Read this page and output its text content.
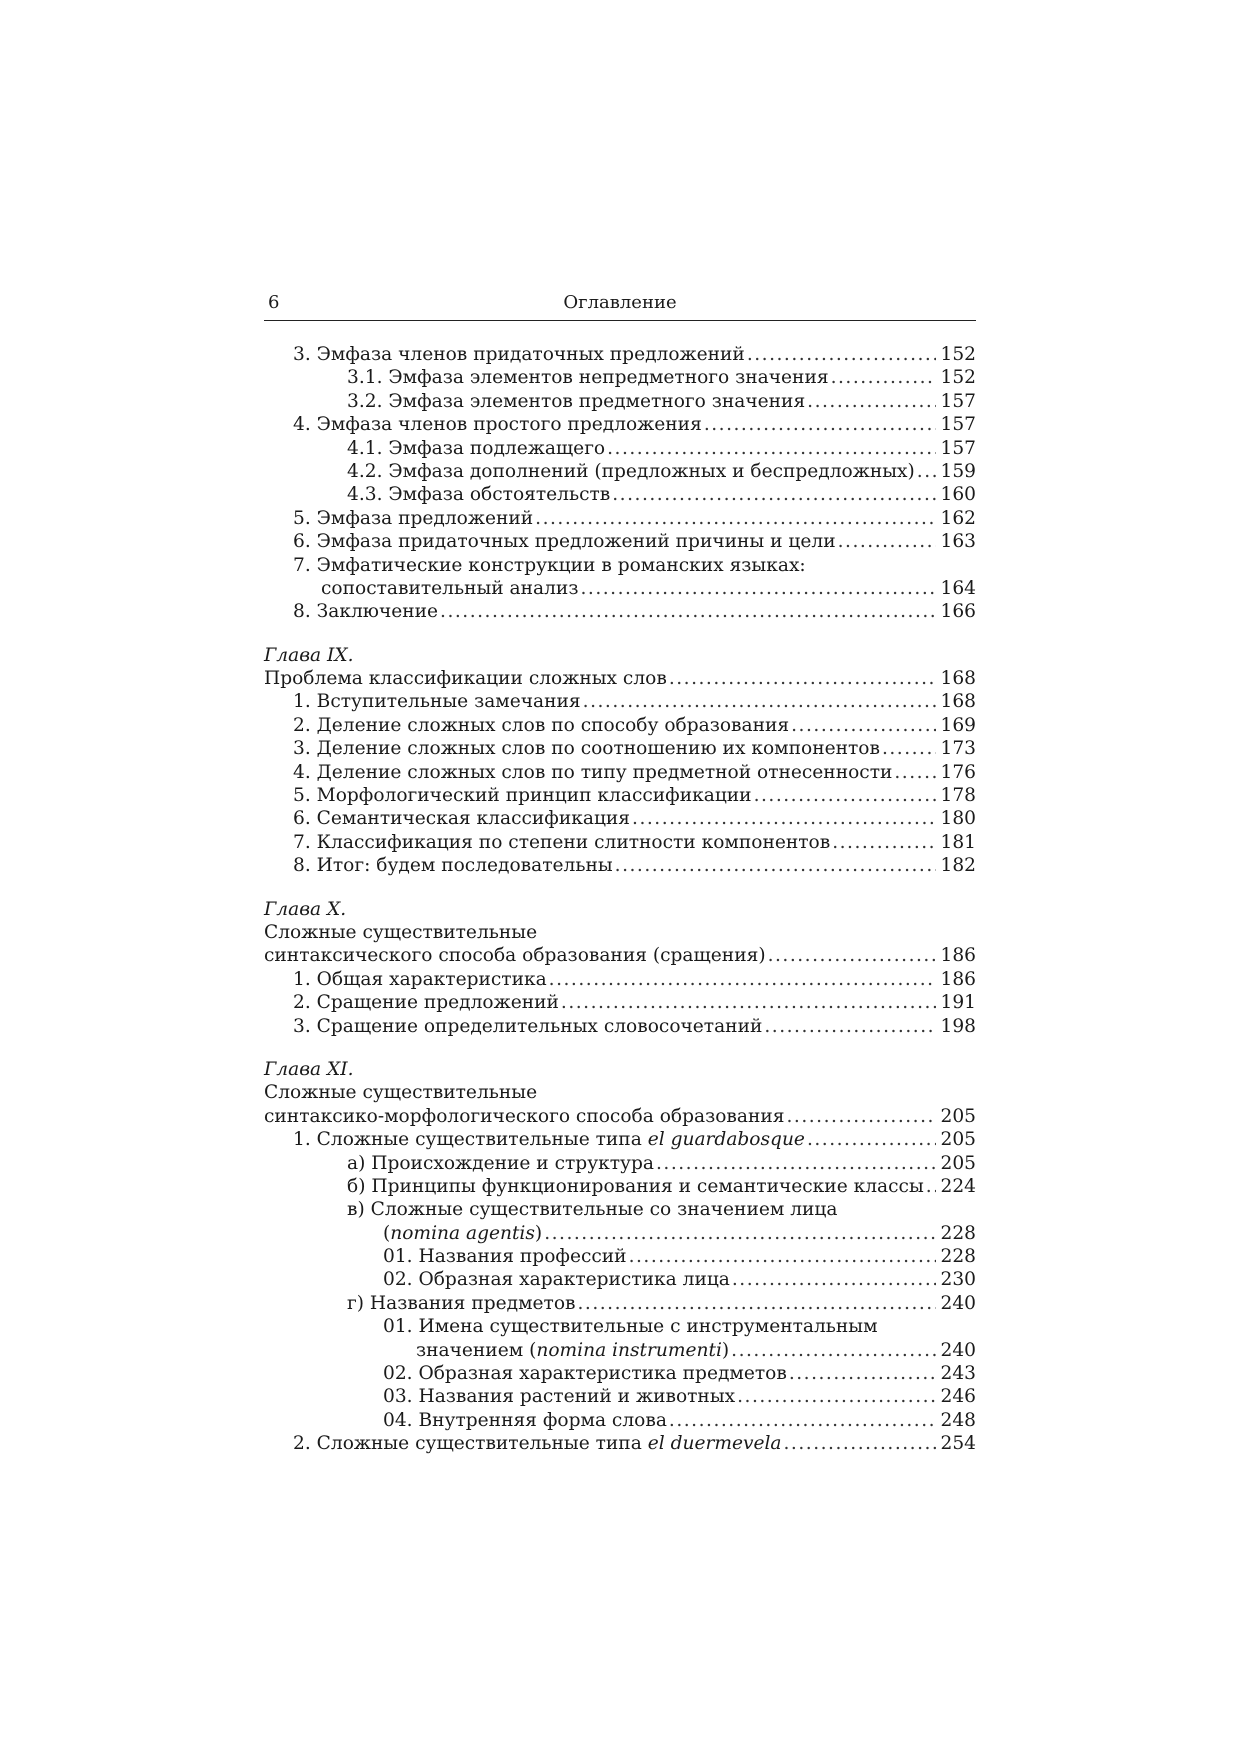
6	Оглавление
3. Эмфаза членов придаточных предложений . . .	152
3.1. Эмфаза элементов непредметного значения . . .	152
3.2. Эмфаза элементов предметного значения . . .	157
4. Эмфаза членов простого предложения . . .	157
4.1. Эмфаза подлежащего . . .	157
4.2. Эмфаза дополнений (предложных и беспредложных) . . . 159
4.3. Эмфаза обстоятельств . . .	160
5. Эмфаза предложений . . .	162
6. Эмфаза придаточных предложений причины и цели . . .	163
7. Эмфатические конструкции в романских языках:
сопоставительный анализ . . .	164
8. Заключение . . .	166
Глава IX.
Проблема классификации сложных слов . . .	168
1. Вступительные замечания . . .	168
2. Деление сложных слов по способу образования . . .	169
3. Деление сложных слов по соотношению их компонентов . . .	173
4. Деление сложных слов по типу предметной отнесенности . . .	176
5. Морфологический принцип классификации . . .	178
6. Семантическая классификация . . .	180
7. Классификация по степени слитности компонентов . . .	181
8. Итог: будем последовательны . . .	182
Глава X.
Сложные существительные
синтаксического способа образования (сращения) . . .	186
1. Общая характеристика . . .	186
2. Сращение предложений . . .	191
3. Сращение определительных словосочетаний . . .	198
Глава XI.
Сложные существительные
синтаксико-морфологического способа образования . . .	205
1. Сложные существительные типа el guardabosque . . .	205
а) Происхождение и структура . . .	205
б) Принципы функционирования и семантические классы . . . 224
в) Сложные существительные со значением лица
(nomina agentis) . . .	228
01. Названия профессий . . .	228
02. Образная характеристика лица . . .	230
г) Названия предметов . . .	240
01. Имена существительные с инструментальным
значением (nomina instrumenti) . . .	240
02. Образная характеристика предметов . . .	243
03. Названия растений и животных . . .	246
04. Внутренняя форма слова . . .	248
2. Сложные существительные типа el duermevela . . .	254
